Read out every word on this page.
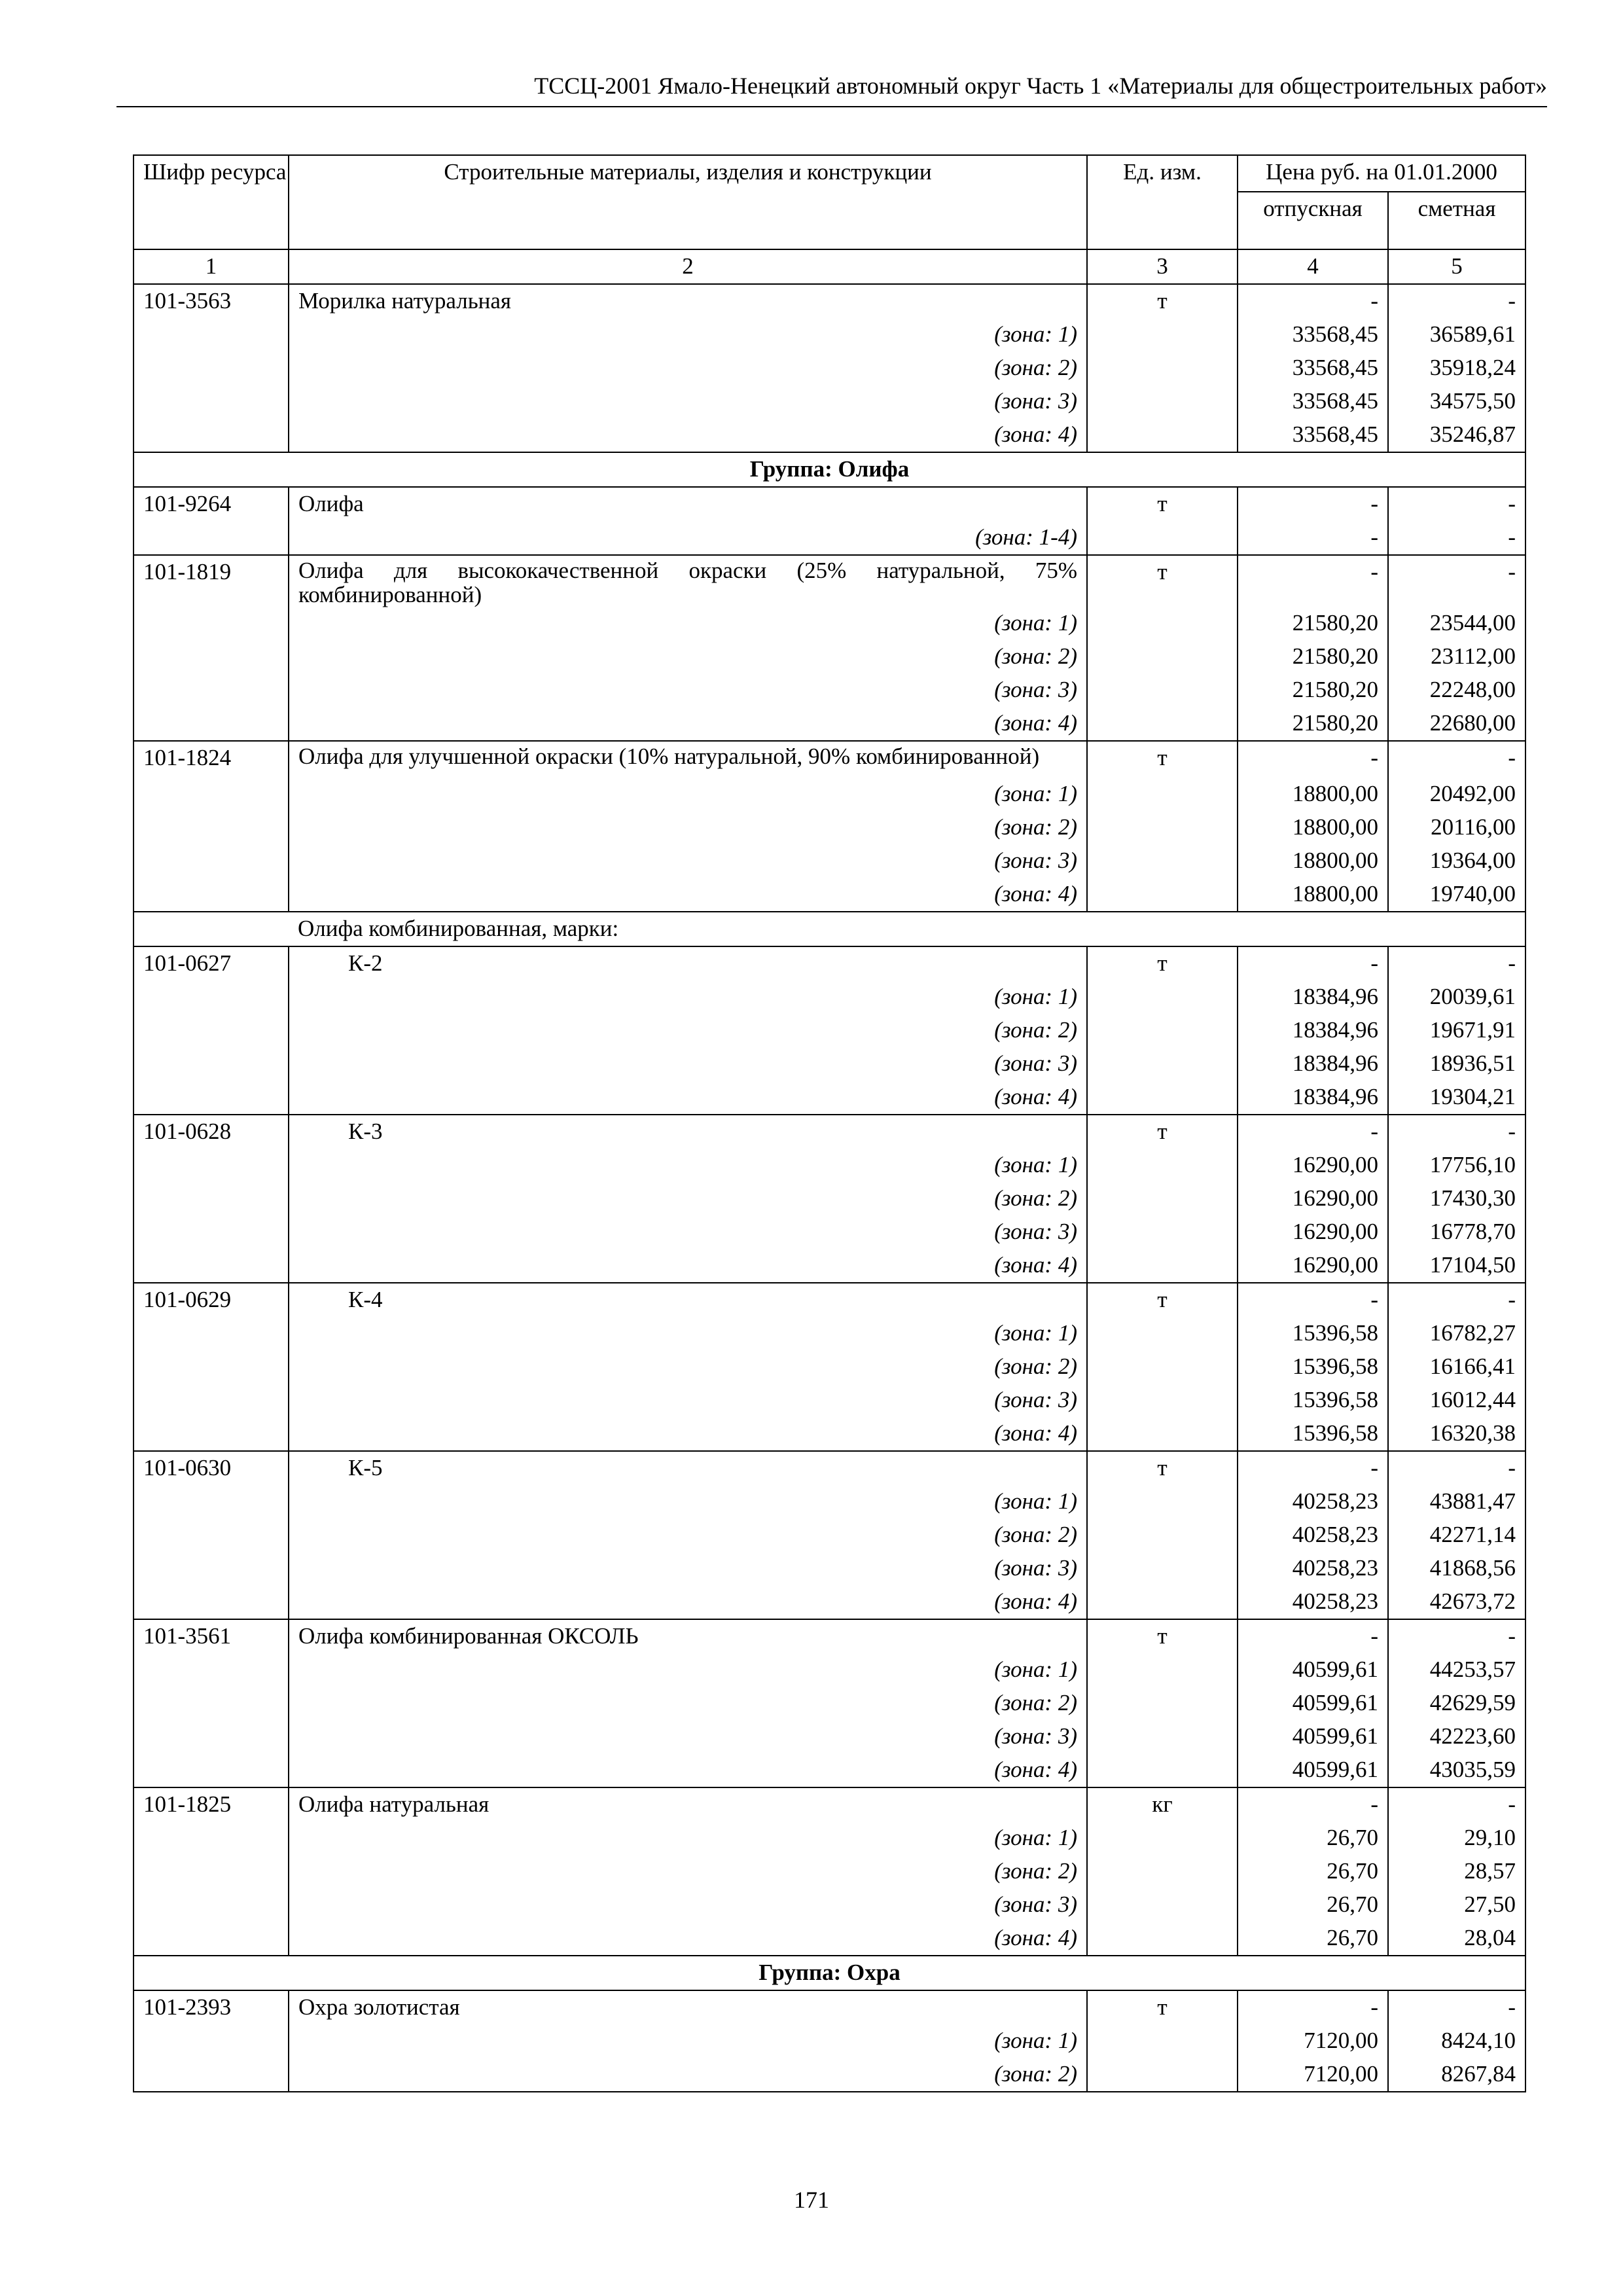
ТССЦ-2001 Ямало-Ненецкий автономный округ Часть 1 «Материалы для общестроительных работ»
Шифр ресурса	Строительные материалы, изделия и конструкции	Ед. изм.	Цена руб. на 01.01.2000	
			отпускная	сметная
1	2	3	4	5
101-3563	Морилка натуральная	т	-	-
	(зона: 1)		33568,45	36589,61
	(зона: 2)		33568,45	35918,24
	(зона: 3)		33568,45	34575,50
	(зона: 4)		33568,45	35246,87
Группа: Олифа				
101-9264	Олифа	т	-	-
	(зона: 1-4)		-	-
101-1819	Олифа для высококачественной окраски (25% натуральной, 75% комбинированной)	т	-	-
	(зона: 1)		21580,20	23544,00
	(зона: 2)		21580,20	23112,00
	(зона: 3)		21580,20	22248,00
	(зона: 4)		21580,20	22680,00
101-1824	Олифа для улучшенной окраски (10% натуральной, 90% комбинированной)	т	-	-
	(зона: 1)		18800,00	20492,00
	(зона: 2)		18800,00	20116,00
	(зона: 3)		18800,00	19364,00
	(зона: 4)		18800,00	19740,00
	Олифа комбинированная, марки:			
101-0627	К-2	т	-	-
	(зона: 1)		18384,96	20039,61
	(зона: 2)		18384,96	19671,91
	(зона: 3)		18384,96	18936,51
	(зона: 4)		18384,96	19304,21
101-0628	К-3	т	-	-
	(зона: 1)		16290,00	17756,10
	(зона: 2)		16290,00	17430,30
	(зона: 3)		16290,00	16778,70
	(зона: 4)		16290,00	17104,50
101-0629	К-4	т	-	-
	(зона: 1)		15396,58	16782,27
	(зона: 2)		15396,58	16166,41
	(зона: 3)		15396,58	16012,44
	(зона: 4)		15396,58	16320,38
101-0630	К-5	т	-	-
	(зона: 1)		40258,23	43881,47
	(зона: 2)		40258,23	42271,14
	(зона: 3)		40258,23	41868,56
	(зона: 4)		40258,23	42673,72
101-3561	Олифа комбинированная ОКСОЛЬ	т	-	-
	(зона: 1)		40599,61	44253,57
	(зона: 2)		40599,61	42629,59
	(зона: 3)		40599,61	42223,60
	(зона: 4)		40599,61	43035,59
101-1825	Олифа натуральная	кг	-	-
	(зона: 1)		26,70	29,10
	(зона: 2)		26,70	28,57
	(зона: 3)		26,70	27,50
	(зона: 4)		26,70	28,04
Группа: Охра				
101-2393	Охра золотистая	т	-	-
	(зона: 1)		7120,00	8424,10
	(зона: 2)		7120,00	8267,84
171
